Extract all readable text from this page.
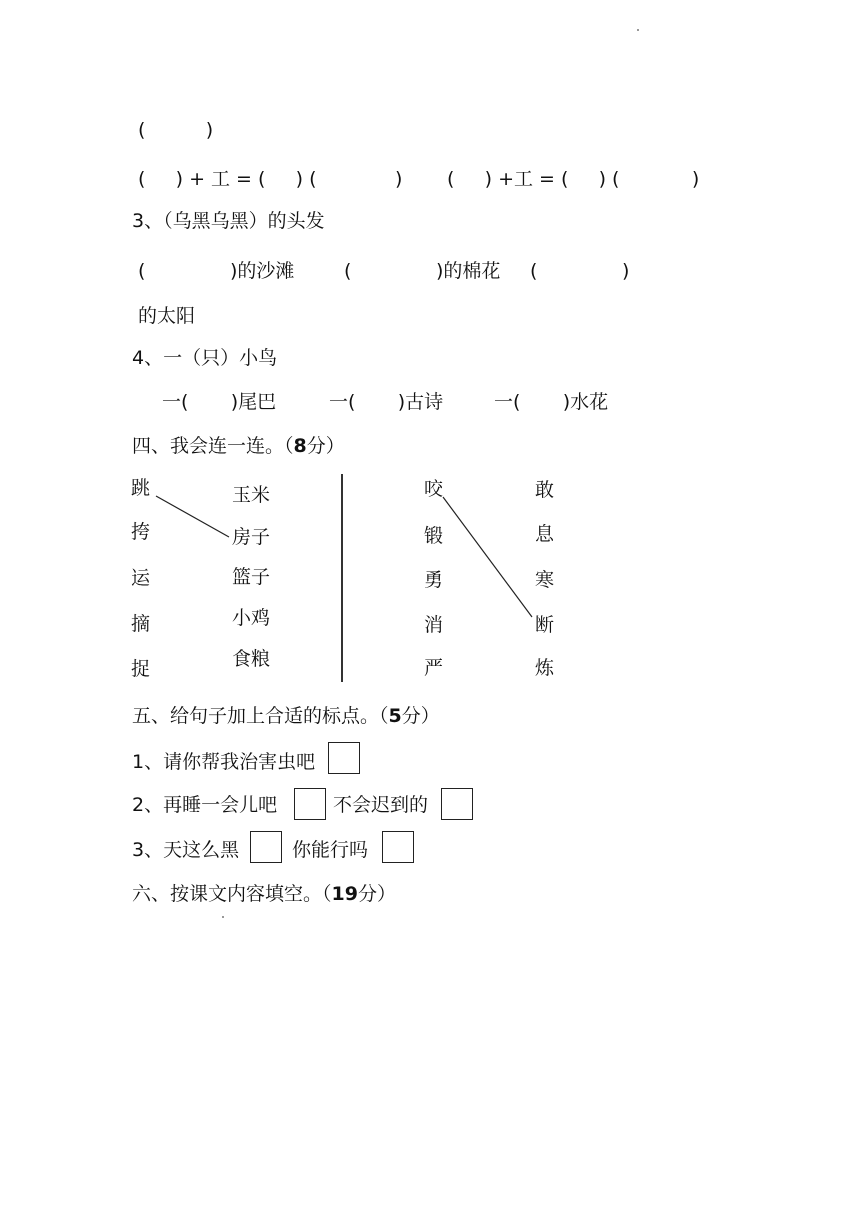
(          )
(     ) + 工 = (     ) (             ) (     ) +工 = (     ) (            )
3、（乌黑乌黑）的头发
(              )的沙滩	(              )的棉花 (              )
的太阳
4、一（只）小鸟
一(       )尾巴	一(       )古诗	一(       )水花
四、我会连一连。（8分）
跳
挎
运
摘
捉
玉米
房子
篮子
小鸡
食粮
咬
锻
勇
消
严
敢
息
寒
断
炼
五、给句子加上合适的标点。（5分）
1、请你帮我治害虫吧
2、再睡一会儿吧	不会迟到的
3、天这么黑	你能行吗
六、按课文内容填空。（19分）
